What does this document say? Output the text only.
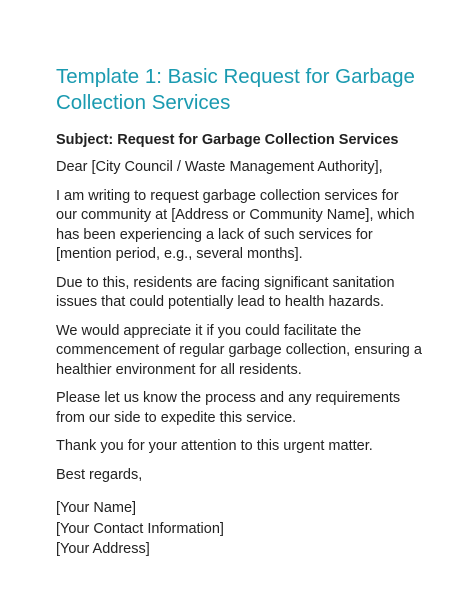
Template 1: Basic Request for Garbage
Collection Services

Subject: Request for Garbage Collection Services

Dear [City Council / Waste Management Authority],

I am writing to request garbage collection services for
our community at [Address or Community Name], which
has been experiencing a lack of such services for
[mention period, e.g., several months].

Due to this, residents are facing significant sanitation
issues that could potentially lead to health hazards.

We would appreciate it if you could facilitate the
commencement of regular garbage collection, ensuring a
healthier environment for all residents.

Please let us know the process and any requirements
from our side to expedite this service.

Thank you for your attention to this urgent matter.

Best regards,

[Your Name]

[Your Contact Information]

[Your Address]
